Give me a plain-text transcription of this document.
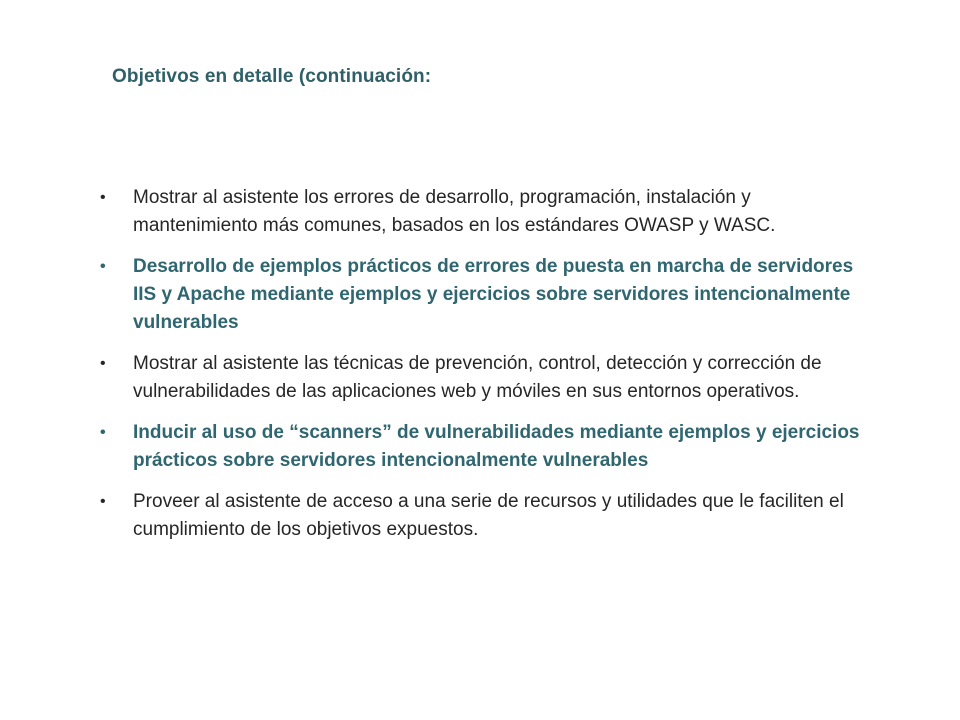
Objetivos en detalle (continuación:
•	Mostrar al asistente los errores de desarrollo, programación, instalación y mantenimiento más comunes, basados en los estándares OWASP y WASC.
•	Desarrollo de ejemplos prácticos de errores de puesta en marcha de servidores IIS y Apache mediante ejemplos y ejercicios sobre servidores intencionalmente vulnerables
•	Mostrar al asistente las técnicas de prevención, control, detección y corrección de vulnerabilidades de las aplicaciones web y móviles en sus entornos operativos.
•	Inducir al uso de “scanners” de vulnerabilidades mediante ejemplos y ejercicios prácticos sobre servidores intencionalmente vulnerables
•	Proveer al asistente de acceso a una serie de recursos y utilidades que le faciliten el cumplimiento de los objetivos expuestos.
